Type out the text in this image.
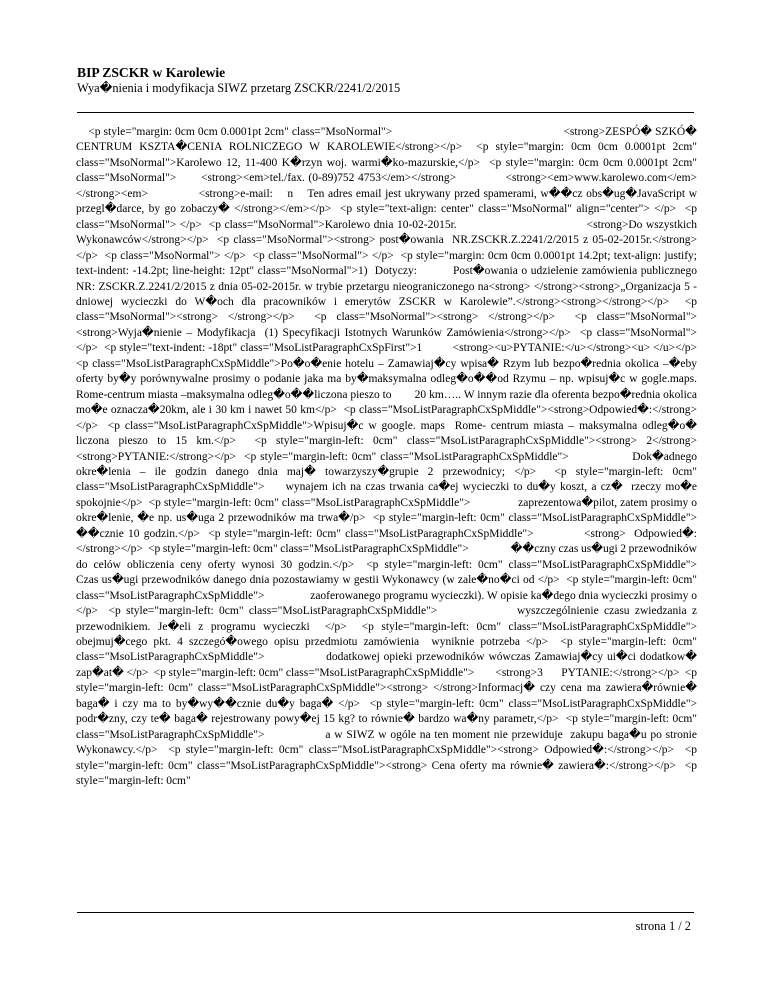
BIP ZSCKR w Karolewie

Wya�nienia i modyfikacja SIWZ przetarg ZSCKR/2241/2/2015

<p style="margin: 0cm 0cm 0.0001pt 2cm" class="MsoNormal">                                                        <strong>ZESPÓ� SZKÓ� CENTRUM KSZTA�CENIA ROLNICZEGO W KAROLEWIE</strong></p>  <p style="margin: 0cm 0cm 0.0001pt 2cm" class="MsoNormal">Karolewo 12, 11-400 K�rzyn woj. warmi�ko-mazurskie,</p>  <p style="margin: 0cm 0cm 0.0001pt 2cm" class="MsoNormal">       <strong><em>tel./fax. (0-89)752 4753</em></strong>              <strong><em>www.karolewo.com</em></strong><em>              <strong>e-mail:    n    Ten adres email jest ukrywany przed spamerami, w��cz obs�ug�JavaScript w przegl�darce, by go zobaczy� </strong></em></p>  <p style="text-align: center" class="MsoNormal" align="center"> </p>  <p class="MsoNormal"> </p>  <p class="MsoNormal">Karolewo dnia 10-02-2015r.                                     <strong>Do wszystkich Wykonawców</strong></p>  <p class="MsoNormal"><strong> post�owania  NR.ZSCKR.Z.2241/2/2015 z 05-02-2015r.</strong></p>  <p class="MsoNormal"> </p>  <p class="MsoNormal"> </p>  <p style="margin: 0cm 0cm 0.0001pt 14.2pt; text-align: justify; text-indent: -14.2pt; line-height: 12pt" class="MsoNormal">1)  Dotyczy:          Post�owania o udzielenie zamówienia publicznego NR: ZSCKR.Z.2241/2/2015 z dnia 05-02-2015r. w trybie przetargu nieograniczonego na<strong> </strong><strong>„Organizacja 5 - dniowej wycieczki do W�och dla pracowników i emerytów ZSCKR w Karolewie”.</strong><strong></strong></p>  <p class="MsoNormal"><strong> </strong></p>  <p class="MsoNormal"><strong> </strong></p>  <p class="MsoNormal"><strong>Wyja�nienie – Modyfikacja  (1) Specyfikacji Istotnych Warunków Zamówienia</strong></p>  <p class="MsoNormal"> </p>  <p style="text-indent: -18pt" class="MsoListParagraphCxSpFirst">1          <strong><u>PYTANIE:</u></strong><u> </u></p>  <p class="MsoListParagraphCxSpMiddle">Po�o�enie hotelu – Zamawiaj�cy wpisa� Rzym lub bezpo�rednia okolica –�eby oferty by�y porównywalne prosimy o podanie jaka ma by�maksymalna odleg�o��od Rzymu – np. wpisuj�c w gogle.maps. Rome-centrum miasta –maksymalna odleg�o��liczona pieszo to        20 km….. W innym razie dla oferenta bezpo�rednia okolica mo�e oznacza�20km, ale i 30 km i nawet 50 km</p>  <p class="MsoListParagraphCxSpMiddle"><strong>Odpowied�:</strong></p>  <p class="MsoListParagraphCxSpMiddle">Wpisuj�c w google. maps  Rome- centrum miasta – maksymalna odleg�o� liczona pieszo to 15 km.</p>  <p style="margin-left: 0cm" class="MsoListParagraphCxSpMiddle"><strong> 2</strong>          <strong>PYTANIE:</strong></p>  <p style="margin-left: 0cm" class="MsoListParagraphCxSpMiddle">                Dok�adnego okre�lenia – ile godzin danego dnia maj� towarzyszy�grupie 2 przewodnicy; </p>  <p style="margin-left: 0cm" class="MsoListParagraphCxSpMiddle">     wynajem ich na czas trwania ca�ej wycieczki to du�y koszt, a cz�  rzeczy mo�e spokojnie</p>  <p style="margin-left: 0cm" class="MsoListParagraphCxSpMiddle">                zaprezentowa�pilot, zatem prosimy o okre�lenie, �e np. us�uga 2 przewodników ma trwa�/p>  <p style="margin-left: 0cm" class="MsoListParagraphCxSpMiddle">                ��cznie 10 godzin.</p>  <p style="margin-left: 0cm" class="MsoListParagraphCxSpMiddle">            <strong>  Odpowied�:</strong></p>  <p style="margin-left: 0cm" class="MsoListParagraphCxSpMiddle">                ��czny czas us�ugi 2 przewodników do celów obliczenia ceny oferty wynosi 30 godzin.</p>  <p style="margin-left: 0cm" class="MsoListParagraphCxSpMiddle">                Czas us�ugi przewodników danego dnia pozostawiamy w gestii Wykonawcy (w zale�no�ci od </p>  <p style="margin-left: 0cm" class="MsoListParagraphCxSpMiddle">                zaoferowanego programu wycieczki). W opisie ka�dego dnia wycieczki prosimy o </p>  <p style="margin-left: 0cm" class="MsoListParagraphCxSpMiddle">               wyszczególnienie czasu zwiedzania z przewodnikiem. Je�eli z programu wycieczki  </p>  <p style="margin-left: 0cm" class="MsoListParagraphCxSpMiddle">                obejmuj�cego pkt. 4 szczegó�owego opisu przedmiotu zamówienia  wyniknie potrzeba </p>  <p style="margin-left: 0cm" class="MsoListParagraphCxSpMiddle">                dodatkowej opieki przewodników wówczas Zamawiaj�cy ui�ci dodatkow� zap�at� </p>  <p style="margin-left: 0cm" class="MsoListParagraphCxSpMiddle">        <strong>3       PYTANIE:</strong></p>  <p style="margin-left: 0cm" class="MsoListParagraphCxSpMiddle"><strong> </strong>Informacj� czy cena ma zawiera�równie� baga� i czy ma to by�wy��cznie du�y baga� </p>  <p style="margin-left: 0cm" class="MsoListParagraphCxSpMiddle">                podr�zny, czy te� baga� rejestrowany powy�ej 15 kg? to równie� bardzo wa�ny parametr,</p>  <p style="margin-left: 0cm" class="MsoListParagraphCxSpMiddle">                a w SIWZ w ogóle na ten moment nie przewiduje  zakupu baga�u po stronie Wykonawcy.</p>  <p style="margin-left: 0cm" class="MsoListParagraphCxSpMiddle"><strong> Odpowied�:</strong></p>  <p style="margin-left: 0cm" class="MsoListParagraphCxSpMiddle"><strong> Cena oferty ma równie� zawiera�:</strong></p>  <p style="margin-left: 0cm"

strona 1 / 2
